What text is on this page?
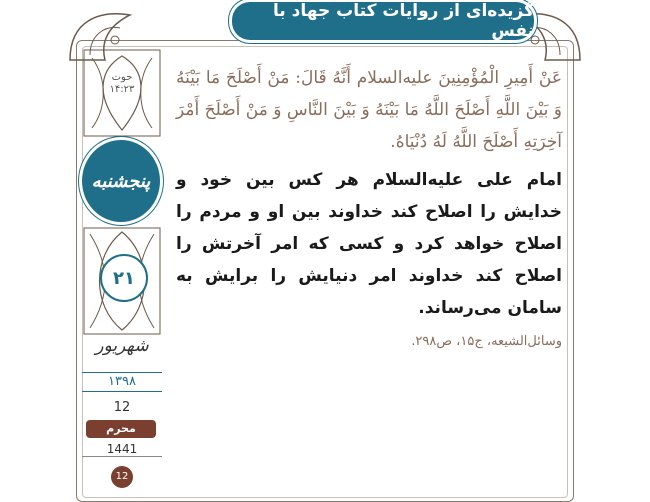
گزیده‌ای از روایات کتاب جهاد با نفس
حوت
۱۴:۲۳
پنجشنبه
۲۱
شهریور
۱۳۹۸
12
محرم
1441
12
عَنْ أَمِيرِ الْمُؤْمِنِينَ عليه‌السلام أَنَّهُ قَالَ: مَنْ أَصْلَحَ مَا بَيْنَهُ وَ بَيْنَ اللَّهِ أَصْلَحَ اللَّهُ مَا بَيْنَهُ وَ بَيْنَ النَّاسِ وَ مَنْ أَصْلَحَ أَمْرَ آخِرَتِهِ أَصْلَحَ اللَّهُ لَهُ دُنْيَاهُ.
امام علی عليه‌السلام هر کس بین خود و خدایش را اصلاح کند خداوند بین او و مردم را اصلاح خواهد کرد و کسی که امر آخرتش را اصلاح کند خداوند امر دنیایش را برایش به سامان می‌رساند.
وسائل‌الشیعه، ج۱۵، ص۲۹۸.
